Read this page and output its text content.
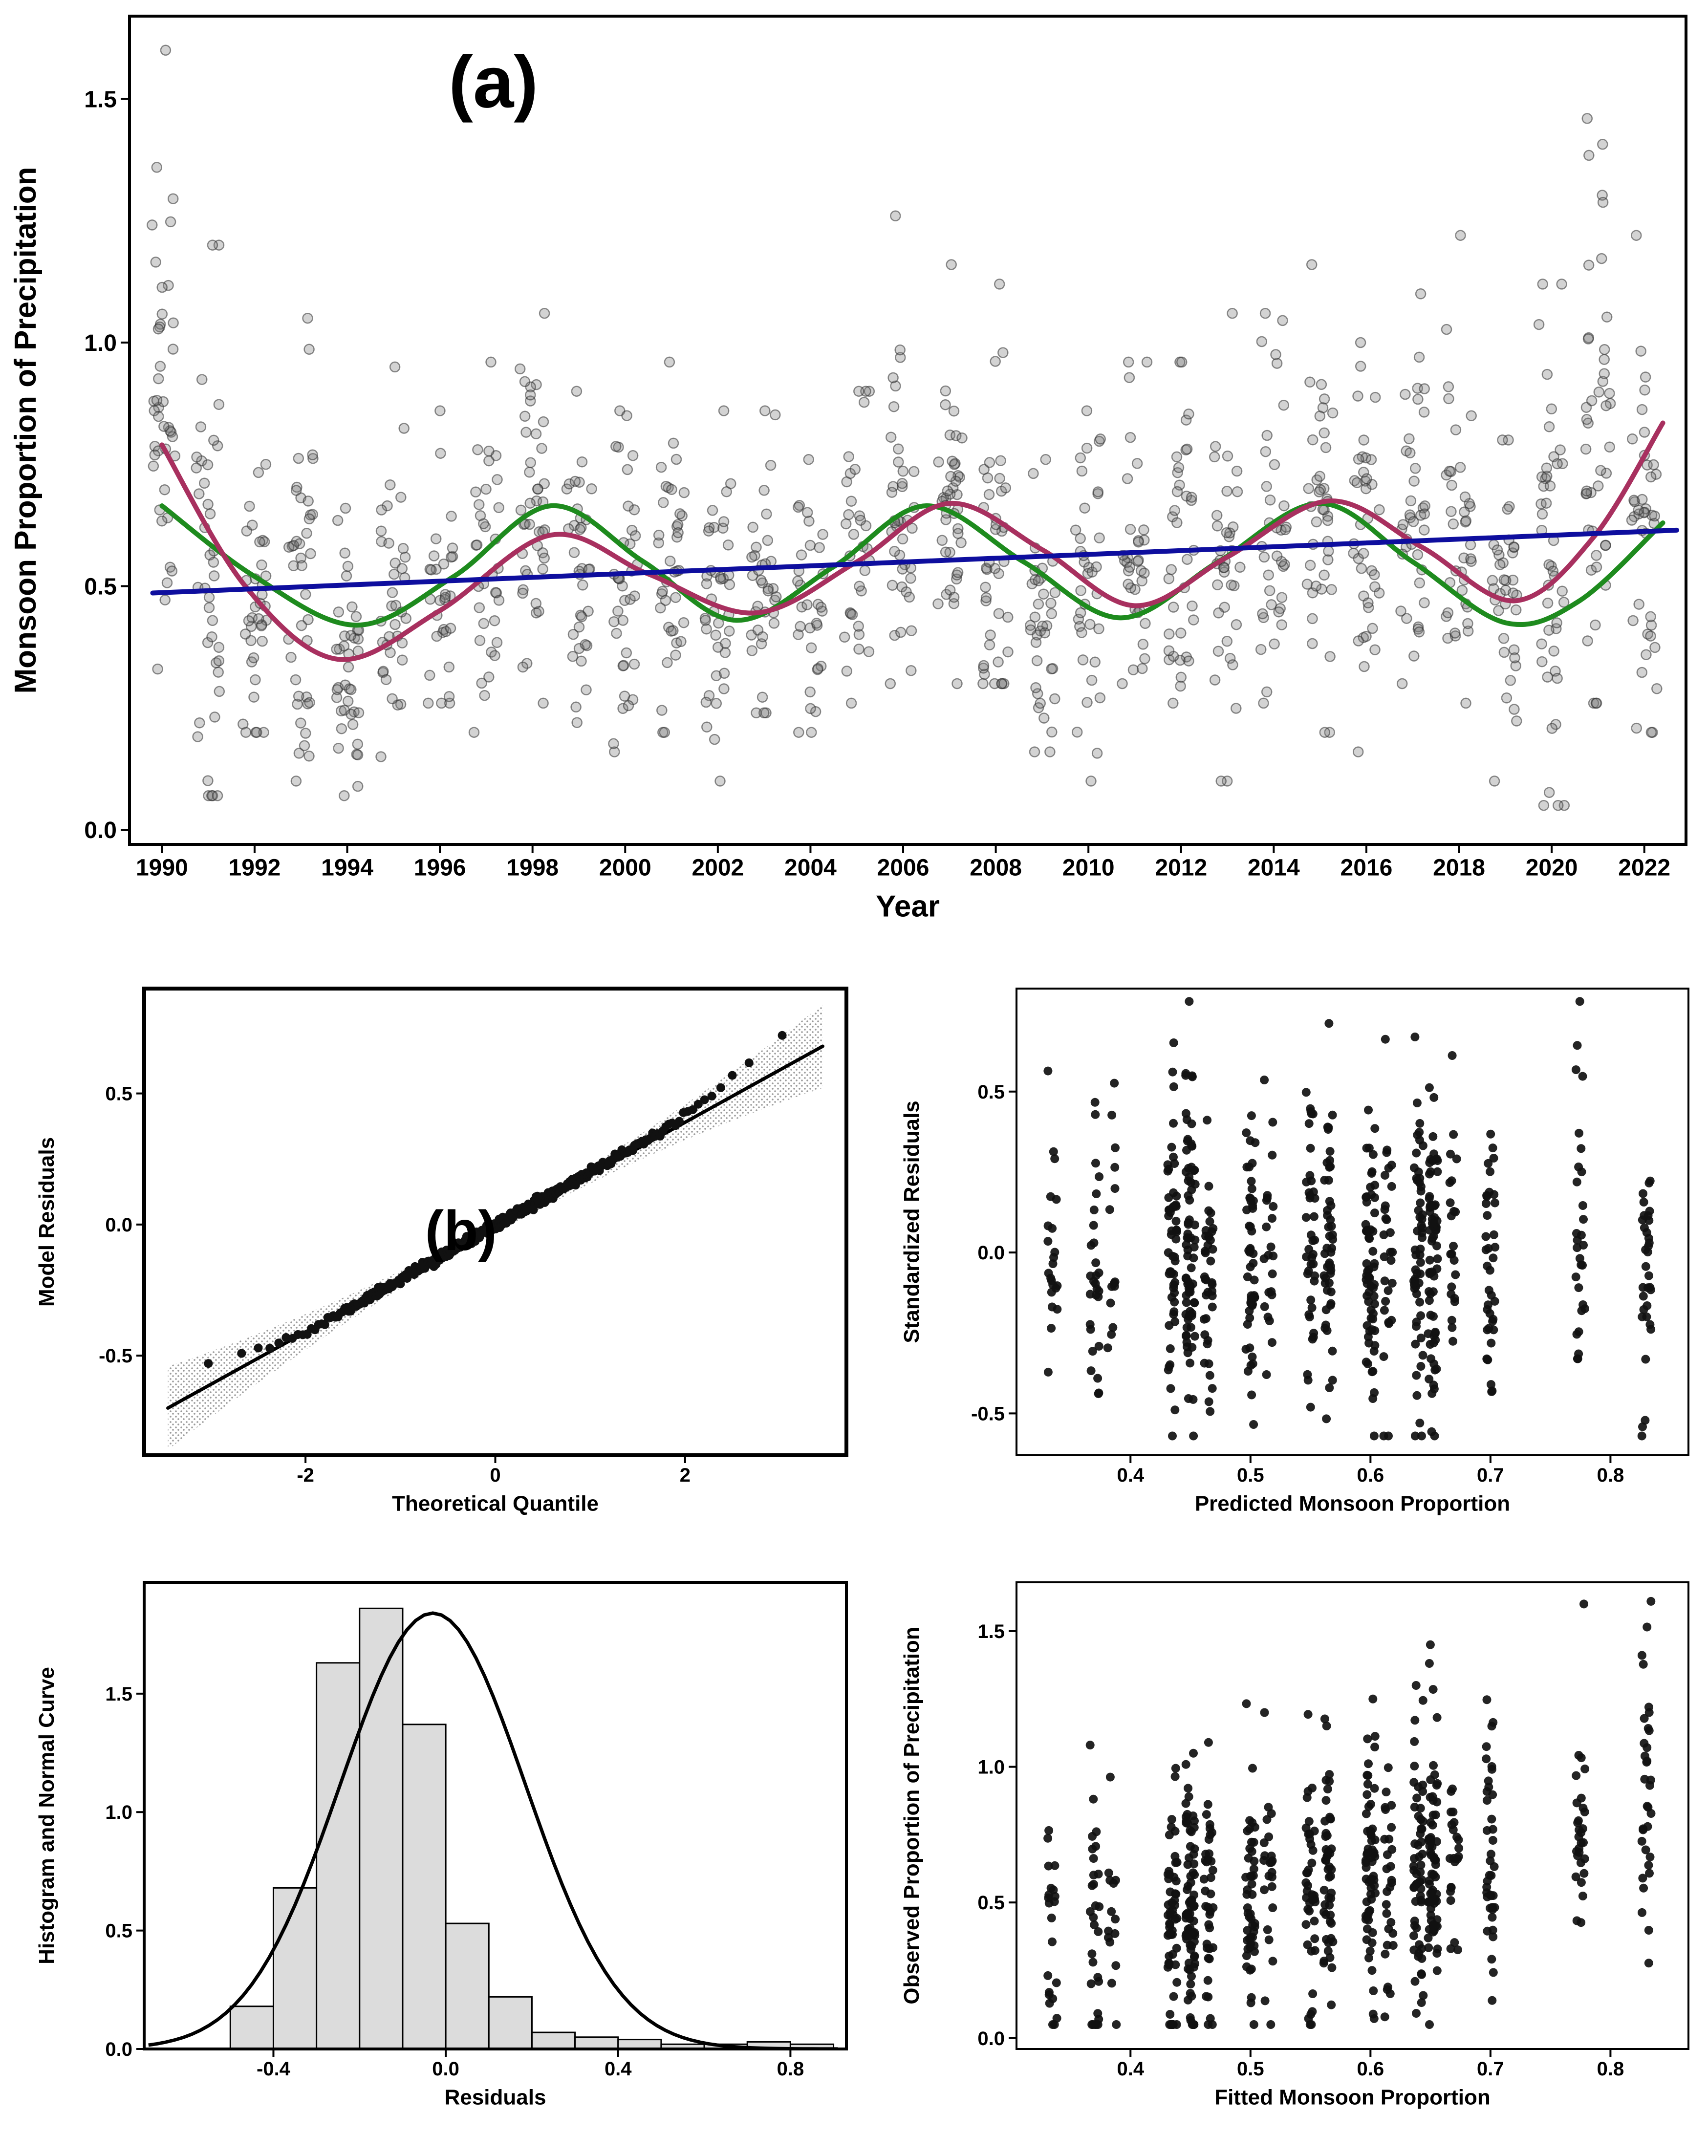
1990 1992 1994 1996 1998 2000 2002 2004 2006 2008 2010 2012 2014 2016 2018 2020 2022
0.0
0.5
1.0
1.5
Year
Monsoon Proportion of Precipitation
(a)
-2	0	2
-0.5
0.0
0.5
Theoretical Quantile
Model Residuals	(b)
0.4	0.5	0.6	0.7	0.8
-0.5
0.0
0.5
Predicted Monsoon Proportion
Standardized Residuals
-0.4	0.0	0.4	0.8
0.0
0.5
1.0
1.5
Residuals
Histogram and Normal Curve
0.4	0.5	0.6	0.7	0.8
0.0
0.5
1.0
1.5
Fitted Monsoon Proportion
Observed Proportion of Precipitation
